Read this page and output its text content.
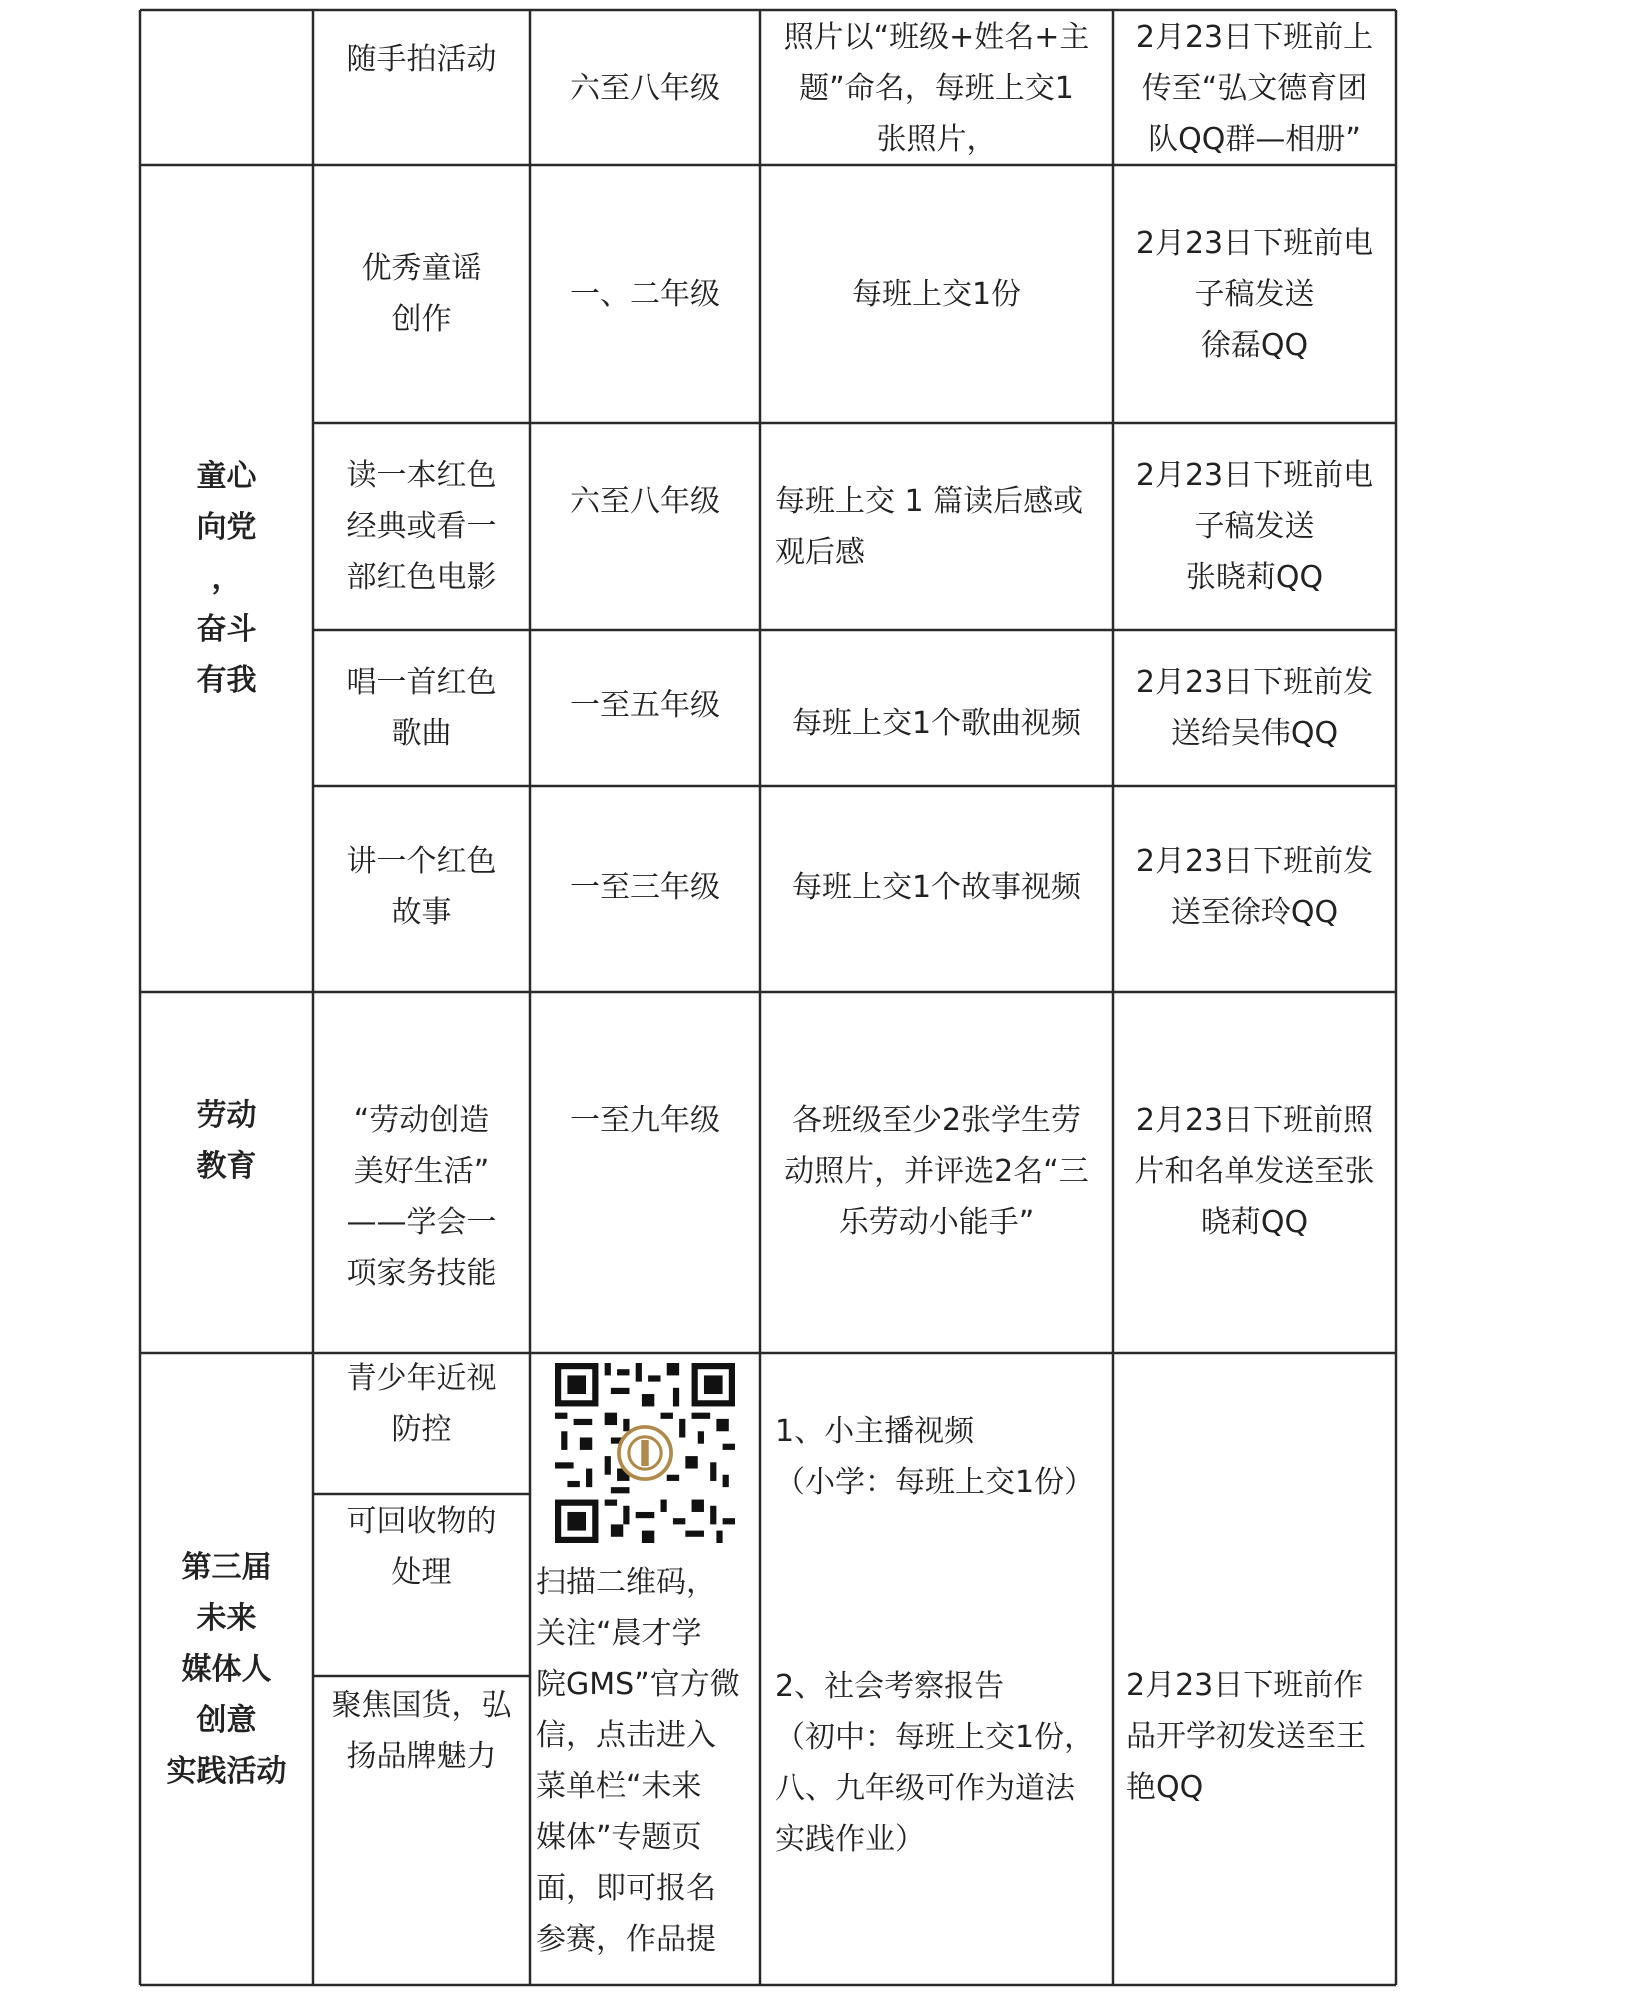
随手拍活动
六至八年级
照片以“班级+姓名+主
题”命名，每班上交1
张照片，
2月23日下班前上
传至“弘文德育团
队QQ群—相册”
童心
向党
，
奋斗
有我
优秀童谣
创作
一、二年级	每班上交1份
2月23日下班前电
子稿发送
徐磊QQ
读一本红色
经典或看一
部红色电影
六至八年级 每班上交 1 篇读后感或
观后感
2月23日下班前电
子稿发送
张晓莉QQ
唱一首红色
歌曲
一至五年级 每班上交1个歌曲视频
2月23日下班前发
送给吴伟QQ
讲一个红色
故事
一至三年级 每班上交1个故事视频
2月23日下班前发
送至徐玲QQ
劳动
教育
“劳动创造
美好生活”
——学会一
项家务技能
一至九年级 各班级至少2张学生劳
动照片，并评选2名“三
乐劳动小能手”
2月23日下班前照
片和名单发送至张
晓莉QQ
第三届
未来
媒体人
创意
实践活动
青少年近视
防控
可回收物的
处理
聚焦国货，弘
扬品牌魅力
扫描二维码，
关注“晨才学
院GMS”官方微
信，点击进入
菜单栏“未来
媒体”专题页
面，即可报名
参赛，作品提
1、小主播视频
（小学：每班上交1份）
2、社会考察报告
（初中：每班上交1份，
八、九年级可作为道法
实践作业）
2月23日下班前作
品开学初发送至王
艳QQ
